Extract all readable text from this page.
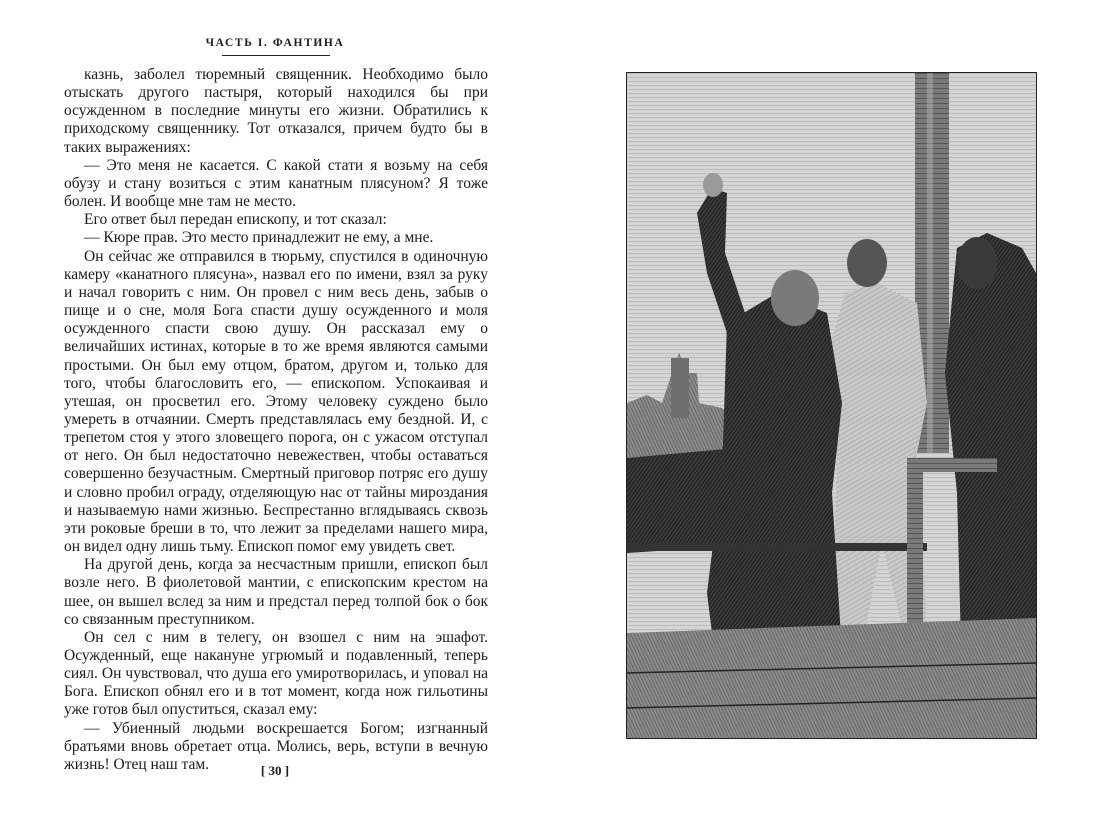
ЧАСТЬ I. ФАНТИНА

казнь, заболел тюремный священник. Необходимо было отыскать другого пастыря, который находился бы при осужденном в последние минуты его жизни. Обратились к приходскому священнику. Тот отказался, причем будто бы в таких выражениях:

— Это меня не касается. С какой стати я возьму на себя обузу и стану возиться с этим канатным плясуном? Я тоже болен. И вообще мне там не место.

Его ответ был передан епископу, и тот сказал:

— Кюре прав. Это место принадлежит не ему, а мне.

Он сейчас же отправился в тюрьму, спустился в одиночную камеру «канатного плясуна», назвал его по имени, взял за руку и начал говорить с ним. Он провел с ним весь день, забыв о пище и о сне, моля Бога спасти душу осужденного и моля осужденного спасти свою душу. Он рассказал ему о величайших истинах, которые в то же время являются самыми простыми. Он был ему отцом, братом, другом и, только для того, чтобы благословить его, — епископом. Успокаивая и утешая, он просветил его. Этому человеку суждено было умереть в отчаянии. Смерть представлялась ему бездной. И, с трепетом стоя у этого зловещего порога, он с ужасом отступал от него. Он был недостаточно невежествен, чтобы оставаться совершенно безучастным. Смертный приговор потряс его душу и словно пробил ограду, отделяющую нас от тайны мироздания и называемую нами жизнью. Беспрестанно вглядываясь сквозь эти роковые бреши в то, что лежит за пределами нашего мира, он видел одну лишь тьму. Епископ помог ему увидеть свет.

На другой день, когда за несчастным пришли, епископ был возле него. В фиолетовой мантии, с епископским крестом на шее, он вышел вслед за ним и предстал перед толпой бок о бок со связанным преступником.

Он сел с ним в телегу, он взошел с ним на эшафот. Осужденный, еще накануне угрюмый и подавленный, теперь сиял. Он чувствовал, что душа его умиротворилась, и уповал на Бога. Епископ обнял его и в тот момент, когда нож гильотины уже готов был опуститься, сказал ему:

— Убиенный людьми воскрешается Богом; изгнанный братьями вновь обретает отца. Молись, верь, вступи в вечную жизнь! Отец наш там.	[ 30 ]
